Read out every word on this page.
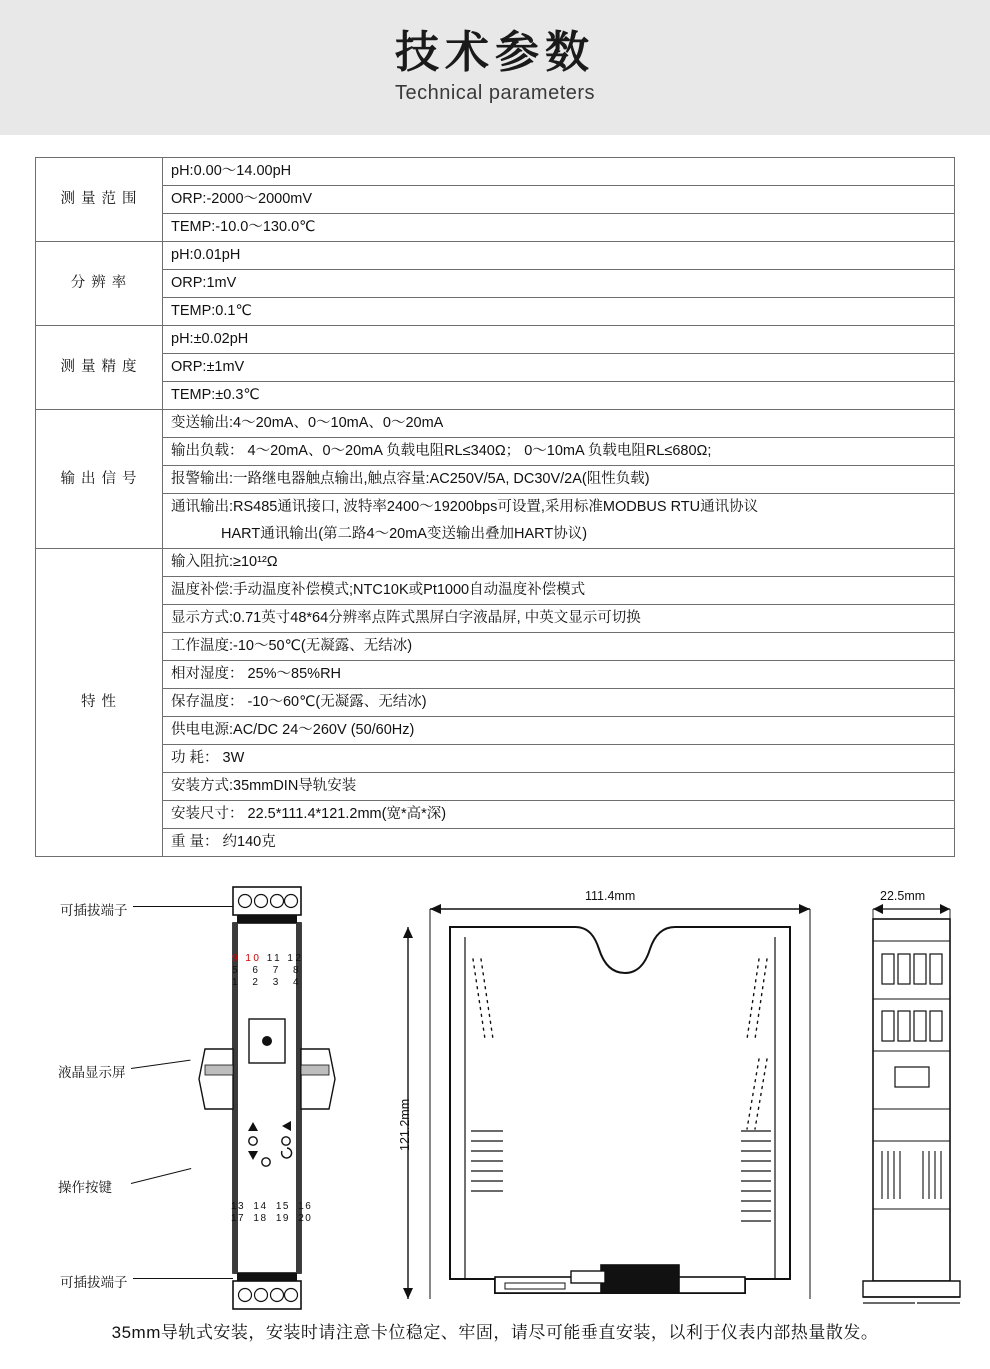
技术参数
Technical parameters
测 量 范 围	pH:0.00～14.00pH
	ORP:-2000～2000mV
	TEMP:-10.0～130.0℃
分 辨 率	pH:0.01pH
	ORP:1mV
	TEMP:0.1℃
测 量 精 度	pH:±0.02pH
	ORP:±1mV
	TEMP:±0.3℃
输 出 信 号	变送输出:4～20mA、0～10mA、0～20mA
	输出负载： 4～20mA、0～20mA 负载电阻RL≤340Ω； 0～10mA 负载电阻RL≤680Ω;
	报警输出:一路继电器触点输出,触点容量:AC250V/5A, DC30V/2A(阻性负载)
	通讯输出:RS485通讯接口, 波特率2400～19200bps可设置,采用标准MODBUS RTU通讯协议
	HART通讯输出(第二路4～20mA变送输出叠加HART协议)
特 性	输入阻抗:≥10¹²Ω
	温度补偿:手动温度补偿模式;NTC10K或Pt1000自动温度补偿模式
	显示方式:0.71英寸48*64分辨率点阵式黑屏白字液晶屏, 中英文显示可切换
	工作温度:-10～50℃(无凝露、无结冰)
	相对湿度： 25%～85%RH
	保存温度： -10～60℃(无凝露、无结冰)
	供电电源:AC/DC 24～260V (50/60Hz)
	功 耗： 3W
	安装方式:35mmDIN导轨安装
	安装尺寸： 22.5*111.4*121.2mm(宽*高*深)
	重 量： 约140克
可插拔端子
液晶显示屏
操作按键
可插拔端子
9 10 11 12
5 6 7 8
1 2 3 4
13 14 15 16
17 18 19 20
111.4mm
121.2mm
22.5mm
35mm导轨式安装，安装时请注意卡位稳定、牢固，请尽可能垂直安装，以利于仪表内部热量散发。
